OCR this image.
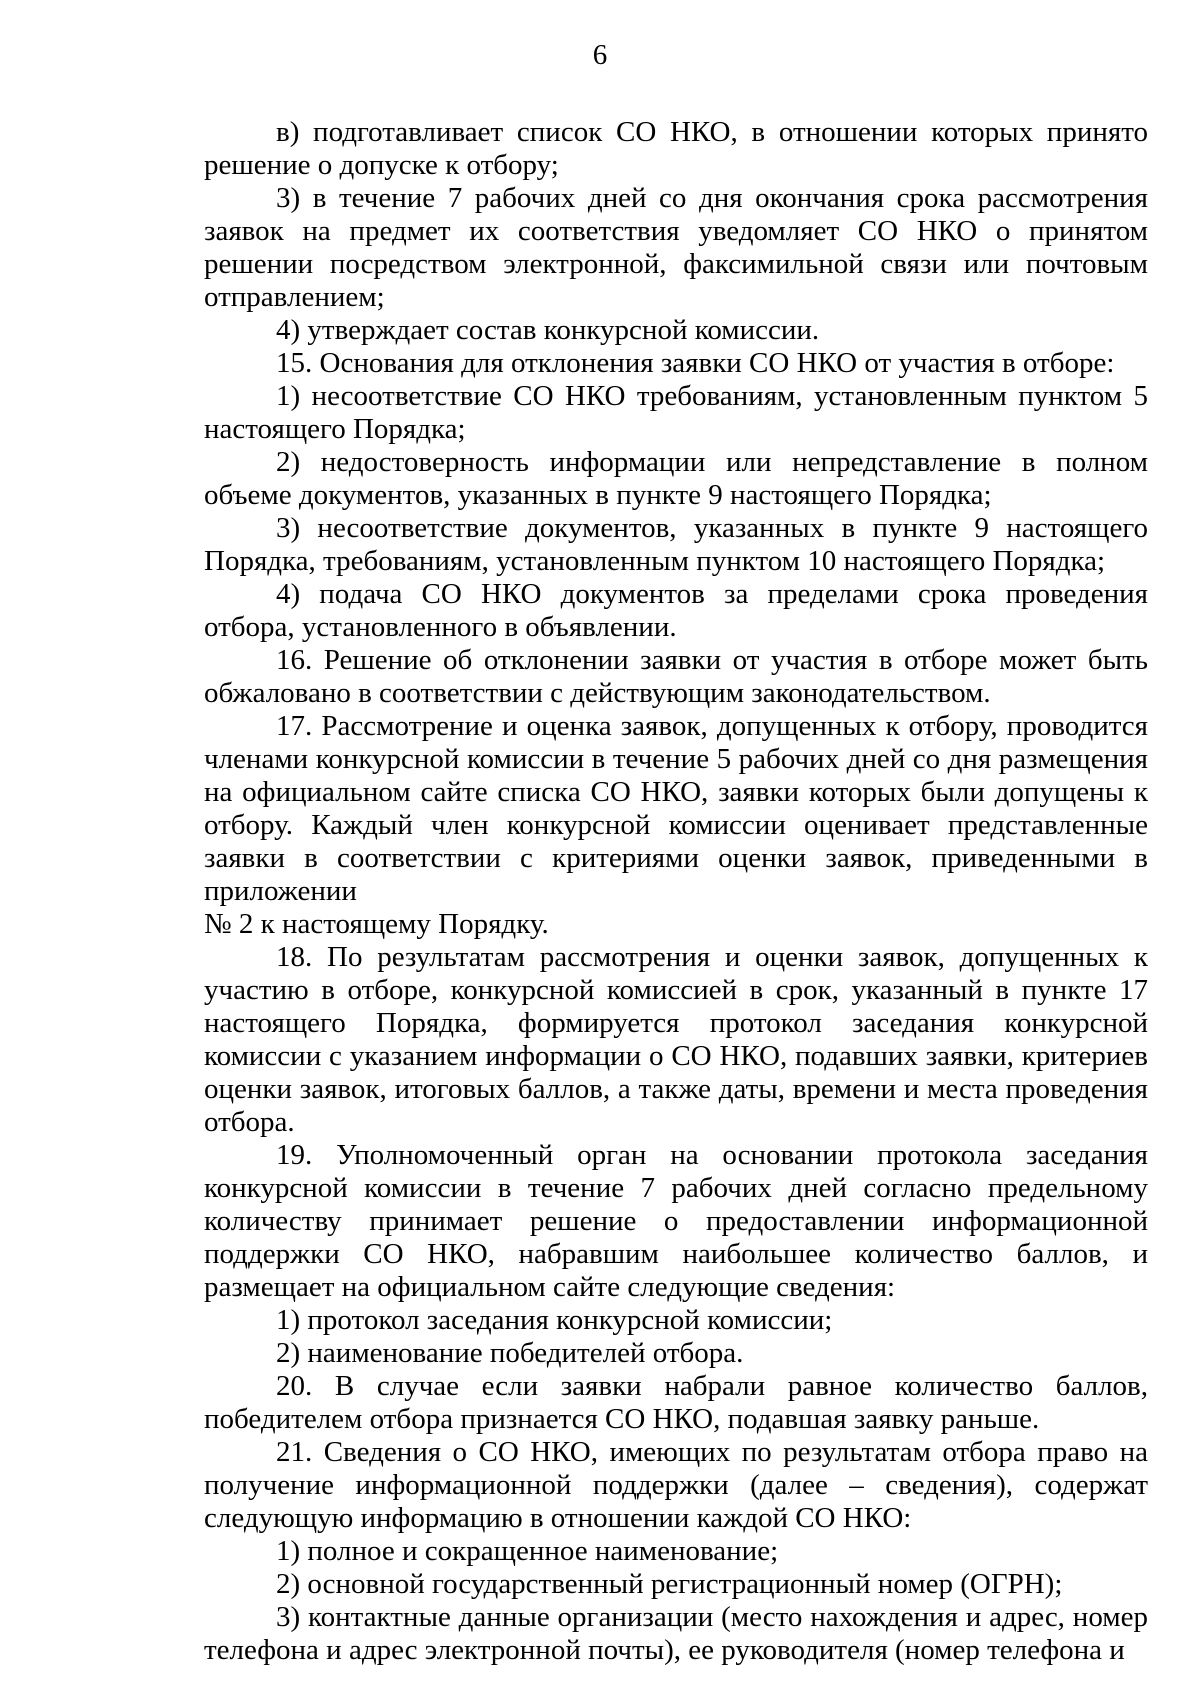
6

в) подготавливает список СО НКО, в отношении которых принято решение о допуске к отбору;

3) в течение 7 рабочих дней со дня окончания срока рассмотрения заявок на предмет их соответствия уведомляет СО НКО о принятом решении посредством электронной, факсимильной связи или почтовым отправлением;

4) утверждает состав конкурсной комиссии.

15. Основания для отклонения заявки СО НКО от участия в отборе:

1) несоответствие СО НКО требованиям, установленным пунктом 5 настоящего Порядка;

2) недостоверность информации или непредставление в полном объеме документов, указанных в пункте 9 настоящего Порядка;

3) несоответствие документов, указанных в пункте 9 настоящего Порядка, требованиям, установленным пунктом 10 настоящего Порядка;

4) подача СО НКО документов за пределами срока проведения отбора, установленного в объявлении.

16. Решение об отклонении заявки от участия в отборе может быть обжаловано в соответствии с действующим законодательством.

17. Рассмотрение и оценка заявок, допущенных к отбору, проводится членами конкурсной комиссии в течение 5 рабочих дней со дня размещения на официальном сайте списка СО НКО, заявки которых были допущены к отбору. Каждый член конкурсной комиссии оценивает представленные заявки в соответствии с критериями оценки заявок, приведенными в приложении

№ 2 к настоящему Порядку.

18. По результатам рассмотрения и оценки заявок, допущенных к участию в отборе, конкурсной комиссией в срок, указанный в пункте 17 настоящего Порядка, формируется протокол заседания конкурсной комиссии с указанием информации о СО НКО, подавших заявки, критериев оценки заявок, итоговых баллов, а также даты, времени и места проведения отбора.

19. Уполномоченный орган на основании протокола заседания конкурсной комиссии в течение 7 рабочих дней согласно предельному количеству принимает решение о предоставлении информационной поддержки СО НКО, набравшим наибольшее количество баллов, и размещает на официальном сайте следующие сведения:

1) протокол заседания конкурсной комиссии;

2) наименование победителей отбора.

20. В случае если заявки набрали равное количество баллов, победителем отбора признается СО НКО, подавшая заявку раньше.

21. Сведения о СО НКО, имеющих по результатам отбора право на получение информационной поддержки (далее – сведения), содержат следующую информацию в отношении каждой СО НКО:

1) полное и сокращенное наименование;

2) основной государственный регистрационный номер (ОГРН);

3) контактные данные организации (место нахождения и адрес, номер телефона и адрес электронной почты), ее руководителя (номер телефона и
